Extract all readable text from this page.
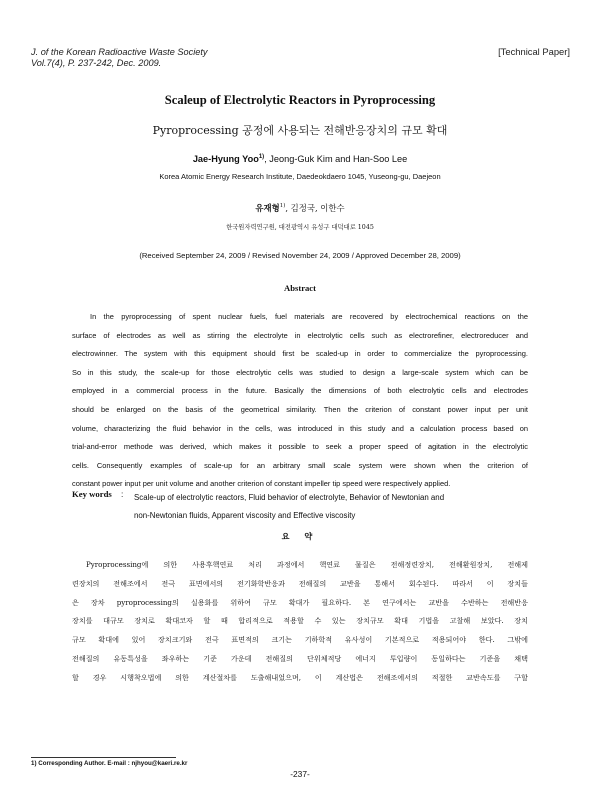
J. of the Korean Radioactive Waste Society
Vol.7(4), P. 237-242, Dec. 2009.
[Technical Paper]
Scaleup of Electrolytic Reactors in Pyroprocessing
Pyroprocessing 공정에 사용되는 전해반응장치의 규모 확대
Jae-Hyung Yoo$^{1)}$, Jeong-Guk Kim and Han-Soo Lee
Korea Atomic Energy Research Institute, Daedeokdaero 1045, Yuseong-gu, Daejeon
유재형$^{1)}$, 김정국, 이한수
한국원자력연구원, 대전광역시 유성구 대덕대로 1045
(Received September 24, 2009 / Revised November 24, 2009 / Approved December 28, 2009)
Abstract
In the pyroprocessing of spent nuclear fuels, fuel materials are recovered by electrochemical reactions on the
surface of electrodes as well as stirring the electrolyte in electrolytic cells such as electrorefiner, electroreducer and
electrowinner. The system with this equipment should first be scaled-up in order to commercialize the pyroprocessing.
So in this study, the scale-up for those electrolytic cells was studied to design a large-scale system which can be
employed in a commercial process in the future. Basically the dimensions of both electrolytic cells and electrodes
should be enlarged on the basis of the geometrical similarity. Then the criterion of constant power input per unit
volume, characterizing the fluid behavior in the cells, was introduced in this study and a calculation process based on
trial-and-error methode was derived, which makes it possible to seek a proper speed of agitation in the electrolytic
cells. Consequently examples of scale-up for an arbitrary small scale system were shown when the criterion of
constant power input per unit volume and another criterion of constant impeller tip speed were respectively applied.
Key words : Scale-up of electrolytic reactors, Fluid behavior of electrolyte, Behavior of Newtonian and
non-Newtonian fluids, Apparent viscosity and Effective viscosity
요 약
Pyroprocessing에 의한 사용후핵연료 처리 과정에서 핵연료 물질은 전해정련장치, 전해환원장치, 전해제
련장치의 전해조에서 전극 표면에서의 전기화학반응과 전해질의 교반을 통해서 회수된다. 따라서 이 장치들
은 장차 pyroprocessing의 실용화를 위하여 규모 확대가 필요하다. 본 연구에서는 교반을 수반하는 전해반응
장치를 대규모 장치로 확대코자 할 때 합리적으로 적용할 수 있는 장치규모 확대 기법을 고찰해 보았다. 장치
규모 확대에 있어 장치크기와 전극 표면적의 크기는 기하학적 유사성이 기본적으로 적용되어야 한다. 그밖에
전해질의 유동특성을 좌우하는 기준 가운데 전해질의 단위체적당 에너지 투입량이 동일하다는 기준을 채택
할 경우 시행착오법에 의한 계산절차를 도출해내었으며, 이 계산법은 전해조에서의 적절한 교반속도를 구할
1) Corresponding Author. E-mail : njhyou@kaeri.re.kr
-237-
